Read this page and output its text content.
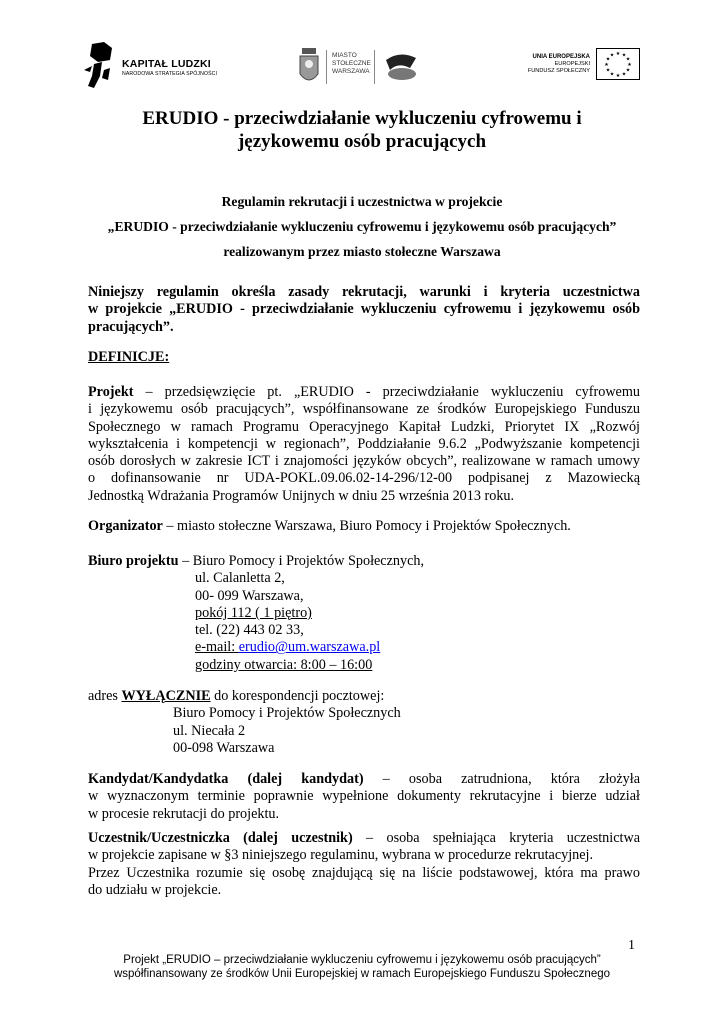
KAPITAŁ LUDZKI
NARODOWA STRATEGIA SPÓJNOŚCI
MIASTO
STOŁECZNE
WARSZAWA
UNIA EUROPEJSKA
EUROPEJSKI
FUNDUSZ SPOŁECZNY
★ ★
★
★
★
★
★
★
★
★
★
★
ERUDIO - przeciwdziałanie wykluczeniu cyfrowemu i
językowemu osób pracujących
Regulamin rekrutacji i uczestnictwa w projekcie
„ERUDIO - przeciwdziałanie wykluczeniu cyfrowemu i językowemu osób pracujących”
realizowanym przez miasto stołeczne Warszawa
Niniejszy regulamin określa zasady rekrutacji, warunki i kryteria uczestnictwa
w projekcie „ERUDIO - przeciwdziałanie wykluczeniu cyfrowemu i językowemu osób
pracujących”.
DEFINICJE:
Projekt – przedsięwzięcie pt. „ERUDIO - przeciwdziałanie wykluczeniu cyfrowemu
i językowemu osób pracujących”, współfinansowane ze środków Europejskiego Funduszu
Społecznego w ramach Programu Operacyjnego Kapitał Ludzki, Priorytet IX „Rozwój
wykształcenia i kompetencji w regionach”, Poddziałanie 9.6.2 „Podwyższanie kompetencji
osób dorosłych w zakresie ICT i znajomości języków obcych”, realizowane w ramach umowy
o dofinansowanie nr UDA-POKL.09.06.02-14-296/12-00 podpisanej z Mazowiecką
Jednostką Wdrażania Programów Unijnych w dniu 25 września 2013 roku.
Organizator – miasto stołeczne Warszawa, Biuro Pomocy i Projektów Społecznych.
Biuro projektu – Biuro Pomocy i Projektów Społecznych,
ul. Calanletta 2,
00- 099 Warszawa,
pokój 112 ( 1 piętro)
tel. (22) 443 02 33,
e-mail: erudio@um.warszawa.pl
godziny otwarcia: 8:00 – 16:00
adres WYŁĄCZNIE do korespondencji pocztowej:
Biuro Pomocy i Projektów Społecznych
ul. Niecała 2
00-098 Warszawa
Kandydat/Kandydatka (dalej kandydat) – osoba zatrudniona, która złożyła
w wyznaczonym terminie poprawnie wypełnione dokumenty rekrutacyjne i bierze udział
w procesie rekrutacji do projektu.
Uczestnik/Uczestniczka (dalej uczestnik) – osoba spełniająca kryteria uczestnictwa
w projekcie zapisane w §3 niniejszego regulaminu, wybrana w procedurze rekrutacyjnej.
Przez Uczestnika rozumie się osobę znajdującą się na liście podstawowej, która ma prawo
do udziału w projekcie.
1
Projekt „ERUDIO – przeciwdziałanie wykluczeniu cyfrowemu i językowemu osób pracujących”
współfinansowany ze środków Unii Europejskiej w ramach Europejskiego Funduszu Społecznego
